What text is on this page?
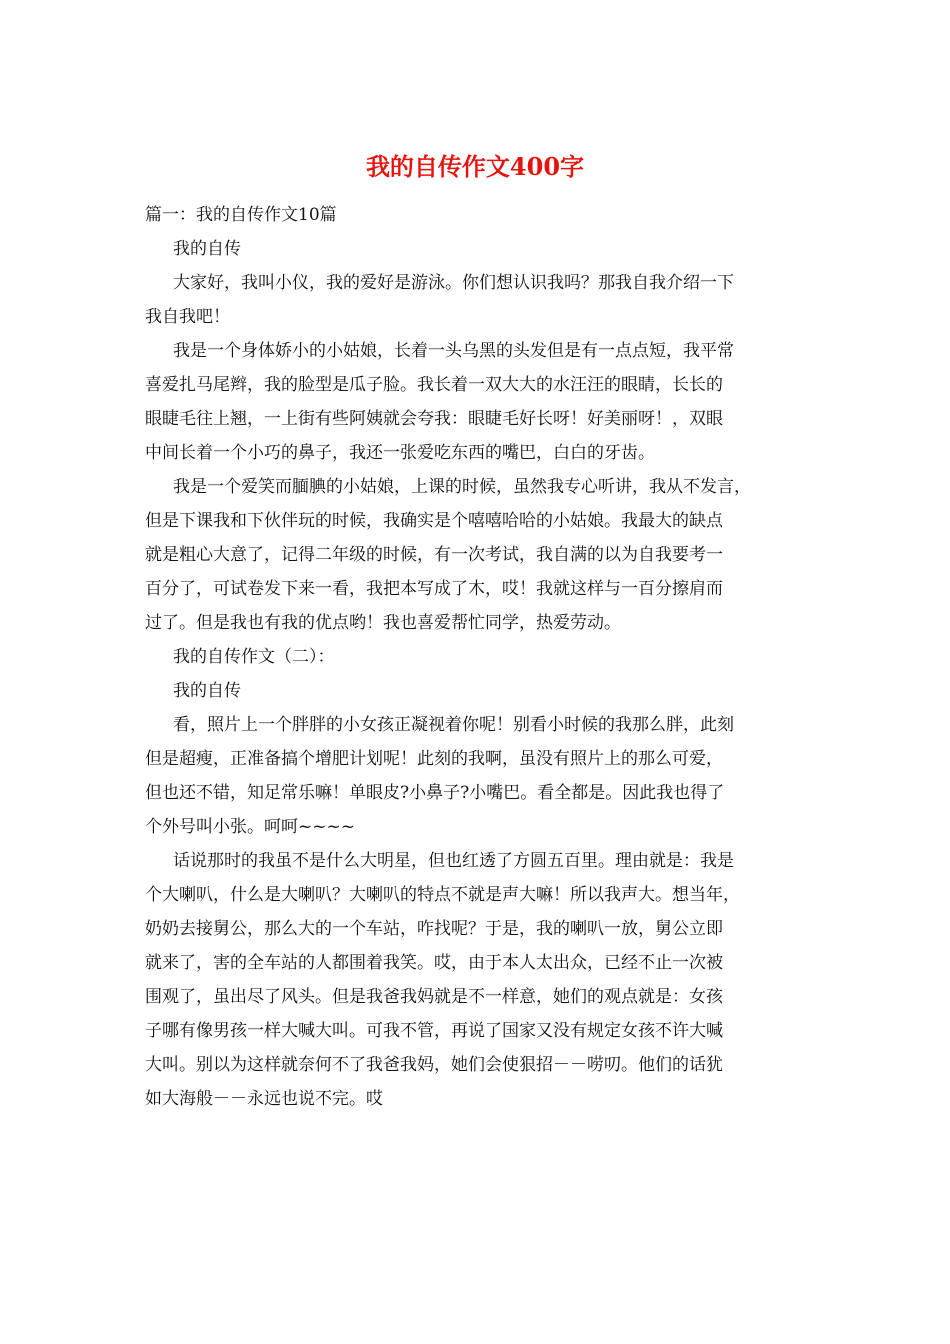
我的自传作文400字

篇一：我的自传作文10篇

我的自传

大家好，我叫小仪，我的爱好是游泳。你们想认识我吗？那我自我介绍一下

我自我吧！

我是一个身体娇小的小姑娘，长着一头乌黑的头发但是有一点点短，我平常

喜爱扎马尾辫，我的脸型是瓜子脸。我长着一双大大的水汪汪的眼睛，长长的

眼睫毛往上翘，一上街有些阿姨就会夸我：眼睫毛好长呀！好美丽呀！，双眼

中间长着一个小巧的鼻子，我还一张爱吃东西的嘴巴，白白的牙齿。

我是一个爱笑而腼腆的小姑娘，上课的时候，虽然我专心听讲，我从不发言，

但是下课我和下伙伴玩的时候，我确实是个嘻嘻哈哈的小姑娘。我最大的缺点

就是粗心大意了，记得二年级的时候，有一次考试，我自满的以为自我要考一

百分了，可试卷发下来一看，我把本写成了木，哎！我就这样与一百分擦肩而

过了。但是我也有我的优点哟！我也喜爱帮忙同学，热爱劳动。

我的自传作文（二）：

我的自传

看，照片上一个胖胖的小女孩正凝视着你呢！别看小时候的我那么胖，此刻

但是超瘦，正准备搞个增肥计划呢！此刻的我啊，虽没有照片上的那么可爱，

但也还不错，知足常乐嘛！单眼皮?小鼻子?小嘴巴。看全都是。因此我也得了

个外号叫小张。呵呵~~~~

话说那时的我虽不是什么大明星，但也红透了方圆五百里。理由就是：我是

个大喇叭，什么是大喇叭？大喇叭的特点不就是声大嘛！所以我声大。想当年，

奶奶去接舅公，那么大的一个车站，咋找呢？于是，我的喇叭一放，舅公立即

就来了，害的全车站的人都围着我笑。哎，由于本人太出众，已经不止一次被

围观了，虽出尽了风头。但是我爸我妈就是不一样意，她们的观点就是：女孩

子哪有像男孩一样大喊大叫。可我不管，再说了国家又没有规定女孩不许大喊

大叫。别以为这样就奈何不了我爸我妈，她们会使狠招－－唠叨。他们的话犹

如大海般－－永远也说不完。哎
